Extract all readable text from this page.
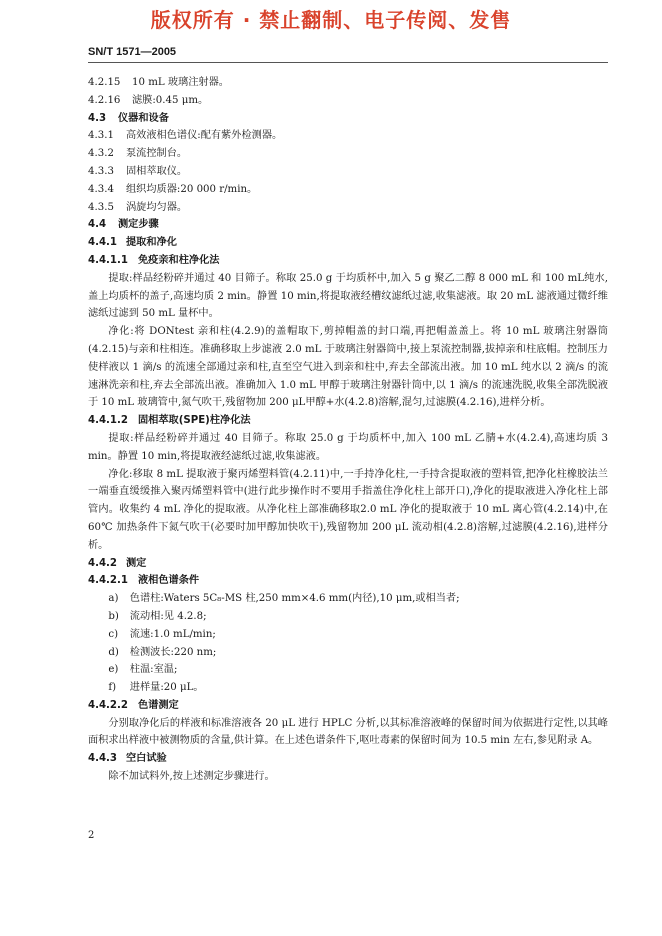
版权所有 · 禁止翻制、电子传阅、发售
SN/T 1571—2005
4.2.15 10 mL 玻璃注射器。
4.2.16 滤膜:0.45 μm。
4.3 仪器和设备
4.3.1 高效液相色谱仪:配有紫外检测器。
4.3.2 泵流控制台。
4.3.3 固相萃取仪。
4.3.4 组织均质器:20 000 r/min。
4.3.5 涡旋均匀器。
4.4 测定步骤
4.4.1 提取和净化
4.4.1.1 免疫亲和柱净化法

提取:样品经粉碎并通过 40 目筛子。称取 25.0 g 于均质杯中,加入 5 g 聚乙二醇 8 000 mL 和 100 mL纯水,盖上均质杯的盖子,高速均质 2 min。静置 10 min,将提取液经槽纹滤纸过滤,收集滤液。取 20 mL 滤液通过微纤维滤纸过滤到 50 mL 量杯中。

净化:将 DONtest 亲和柱(4.2.9)的盖帽取下,剪掉帽盖的封口端,再把帽盖盖上。将 10 mL 玻璃注射器筒(4.2.15)与亲和柱相连。准确移取上步滤液 2.0 mL 于玻璃注射器筒中,接上泵流控制器,拔掉亲和柱底帽。控制压力使样液以 1 滴/s 的流速全部通过亲和柱,直至空气进入到亲和柱中,弃去全部流出液。加 10 mL 纯水以 2 滴/s 的流速淋洗亲和柱,弃去全部流出液。准确加入 1.0 mL 甲醇于玻璃注射器针筒中,以 1 滴/s 的流速洗脱,收集全部洗脱液于 10 mL 玻璃管中,氮气吹干,残留物加 200 μL甲醇+水(4.2.8)溶解,混匀,过滤膜(4.2.16),进样分析。

4.4.1.2 固相萃取(SPE)柱净化法

提取:样品经粉碎并通过 40 目筛子。称取 25.0 g 于均质杯中,加入 100 mL 乙腈+水(4.2.4),高速均质 3 min。静置 10 min,将提取液经滤纸过滤,收集滤液。

净化:移取 8 mL 提取液于聚丙烯塑料管(4.2.11)中,一手持净化柱,一手持含提取液的塑料管,把净化柱橡胶法兰一端垂直缓缓推入聚丙烯塑料管中(进行此步操作时不要用手指盖住净化柱上部开口),净化的提取液进入净化柱上部管内。收集约 4 mL 净化的提取液。从净化柱上部准确移取2.0 mL 净化的提取液于 10 mL 离心管(4.2.14)中,在 60℃ 加热条件下氮气吹干(必要时加甲醇加快吹干),残留物加 200 μL 流动相(4.2.8)溶解,过滤膜(4.2.16),进样分析。

4.4.2 测定
4.4.2.1 液相色谱条件
a) 色谱柱:Waters 5C₈-MS 柱,250 mm×4.6 mm(内径),10 μm,或相当者;
b) 流动相:见 4.2.8;
c) 流速:1.0 mL/min;
d) 检测波长:220 nm;
e) 柱温:室温;
f) 进样量:20 μL。
4.4.2.2 色谱测定

分别取净化后的样液和标准溶液各 20 μL 进行 HPLC 分析,以其标准溶液峰的保留时间为依据进行定性,以其峰面积求出样液中被测物质的含量,供计算。在上述色谱条件下,呕吐毒素的保留时间为 10.5 min 左右,参见附录 A。

4.4.3 空白试验

除不加试料外,按上述测定步骤进行。

2
